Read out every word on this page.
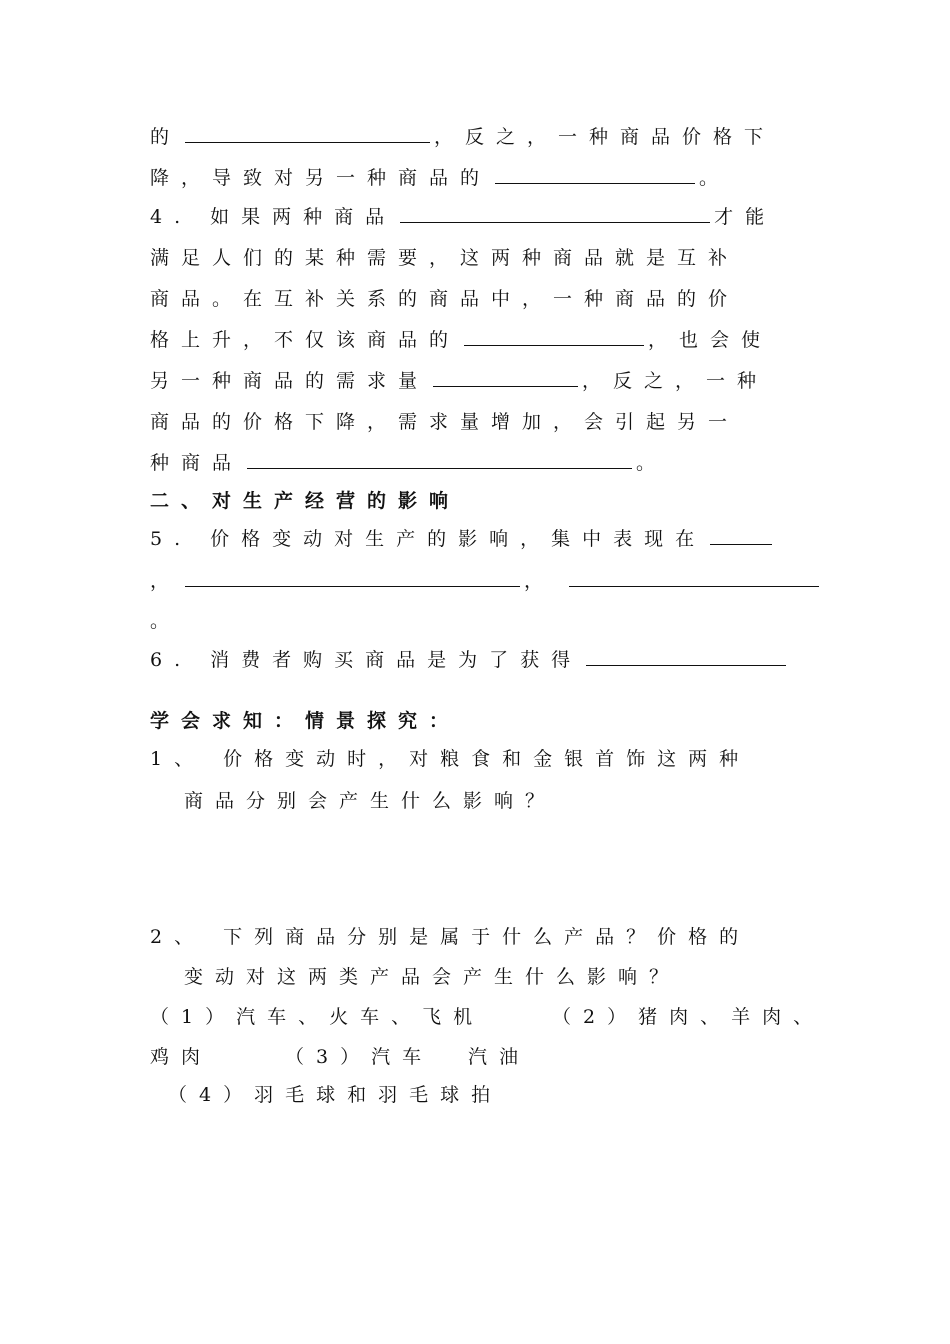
的	，反之，一种商品价格下
降，导致对另一种商品的	。
4. 如果两种商品	才能
满足人们的某种需要，这两种商品就是互补
商品。在互补关系的商品中，一种商品的价
格上升，不仅该商品的	，也会使
另一种商品的需求量	，反之，一种
商品的价格下降，需求量增加，会引起另一
种商品	。
二、对生产经营的影响
5. 价格变动对生产的影响，集中表现在
，	，
。
6. 消费者购买商品是为了获得
学会求知：情景探究：
1、 价格变动时，对粮食和金银首饰这两种
商品分别会产生什么影响？
2、 下列商品分别是属于什么产品？价格的
变动对这两类产品会产生什么影响？
（1）汽车、火车、飞机	（2）猪肉、羊肉、
鸡肉	（3）汽车 汽油
（4）羽毛球和羽毛球拍
